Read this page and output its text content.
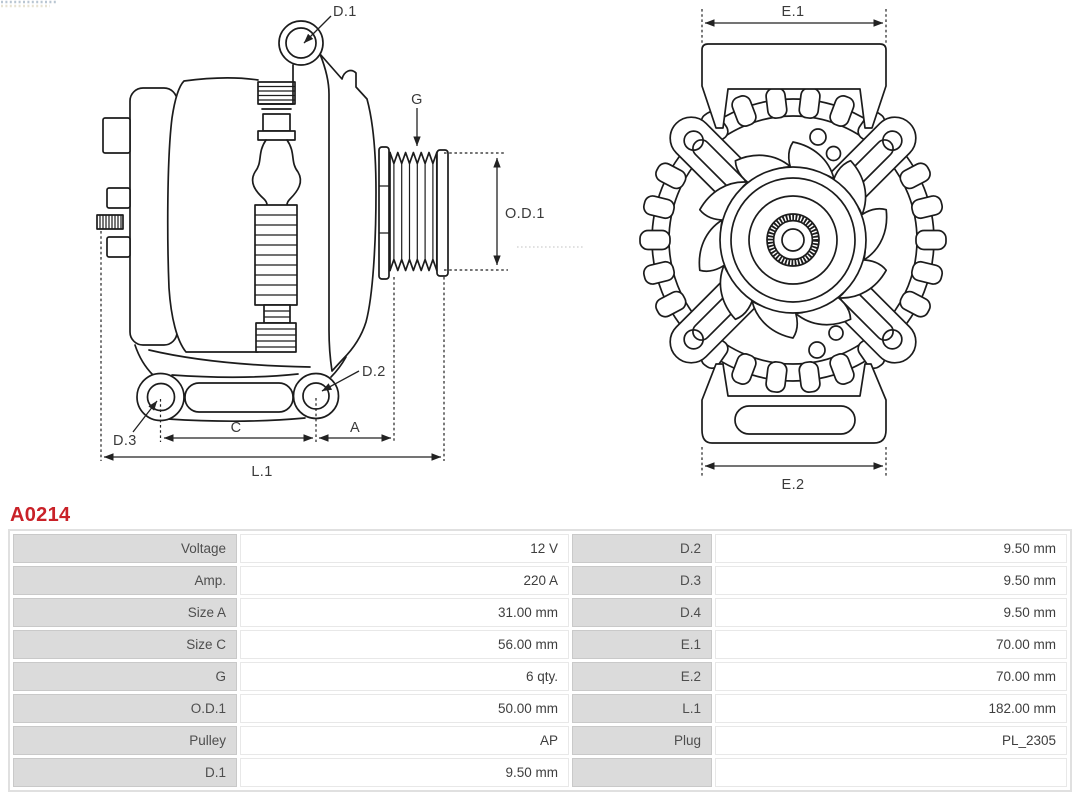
D.1
G
O.D.1
D.2
D.3
C	A
L.1
E.1
E.2
A0214
Voltage	12 V	D.2	9.50 mm
Amp.	220 A	D.3	9.50 mm
Size A	31.00 mm	D.4	9.50 mm
Size C	56.00 mm	E.1	70.00 mm
G	6 qty.	E.2	70.00 mm
O.D.1	50.00 mm	L.1	182.00 mm
Pulley	AP	Plug	PL_2305
D.1	9.50 mm		
